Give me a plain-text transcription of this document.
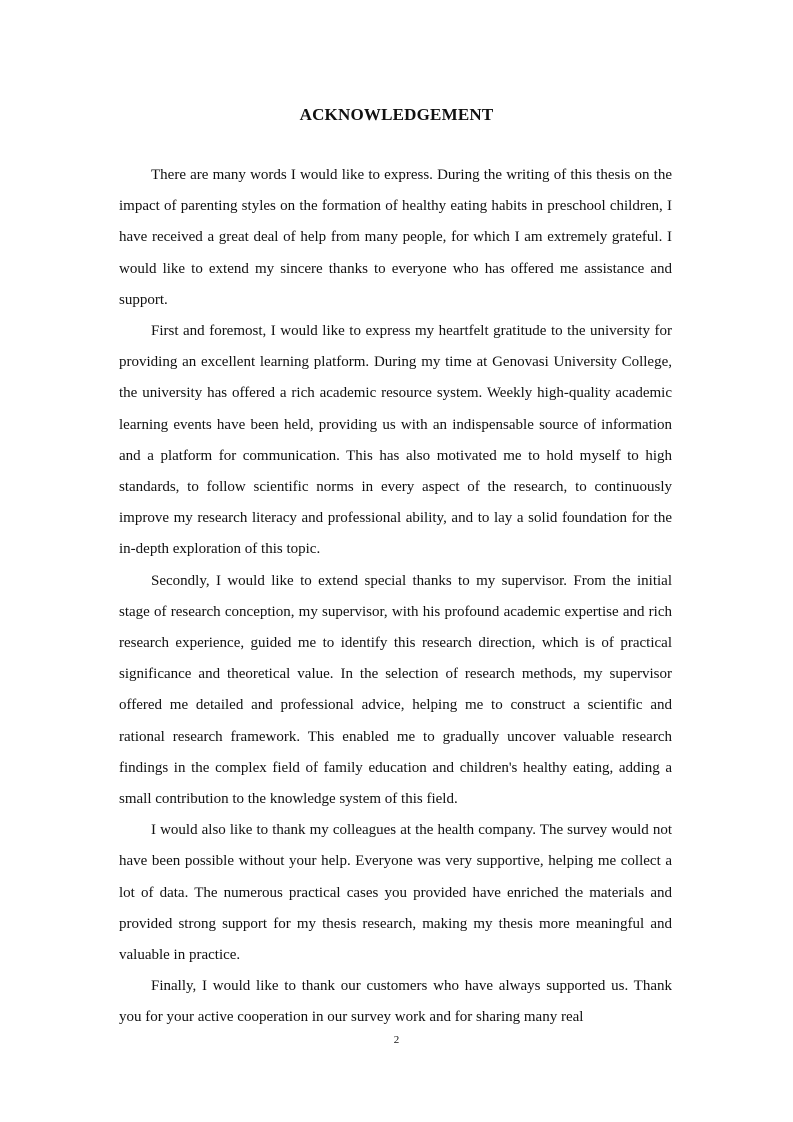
ACKNOWLEDGEMENT

There are many words I would like to express. During the writing of this thesis on the impact of parenting styles on the formation of healthy eating habits in preschool children, I have received a great deal of help from many people, for which I am extremely grateful. I would like to extend my sincere thanks to everyone who has offered me assistance and support.

First and foremost, I would like to express my heartfelt gratitude to the university for providing an excellent learning platform. During my time at Genovasi University College, the university has offered a rich academic resource system. Weekly high-quality academic learning events have been held, providing us with an indispensable source of information and a platform for communication. This has also motivated me to hold myself to high standards, to follow scientific norms in every aspect of the research, to continuously improve my research literacy and professional ability, and to lay a solid foundation for the in-depth exploration of this topic.

Secondly, I would like to extend special thanks to my supervisor. From the initial stage of research conception, my supervisor, with his profound academic expertise and rich research experience, guided me to identify this research direction, which is of practical significance and theoretical value. In the selection of research methods, my supervisor offered me detailed and professional advice, helping me to construct a scientific and rational research framework. This enabled me to gradually uncover valuable research findings in the complex field of family education and children's healthy eating, adding a small contribution to the knowledge system of this field.

I would also like to thank my colleagues at the health company. The survey would not have been possible without your help. Everyone was very supportive, helping me collect a lot of data. The numerous practical cases you provided have enriched the materials and provided strong support for my thesis research, making my thesis more meaningful and valuable in practice.

Finally, I would like to thank our customers who have always supported us. Thank you for your active cooperation in our survey work and for sharing many real

2
